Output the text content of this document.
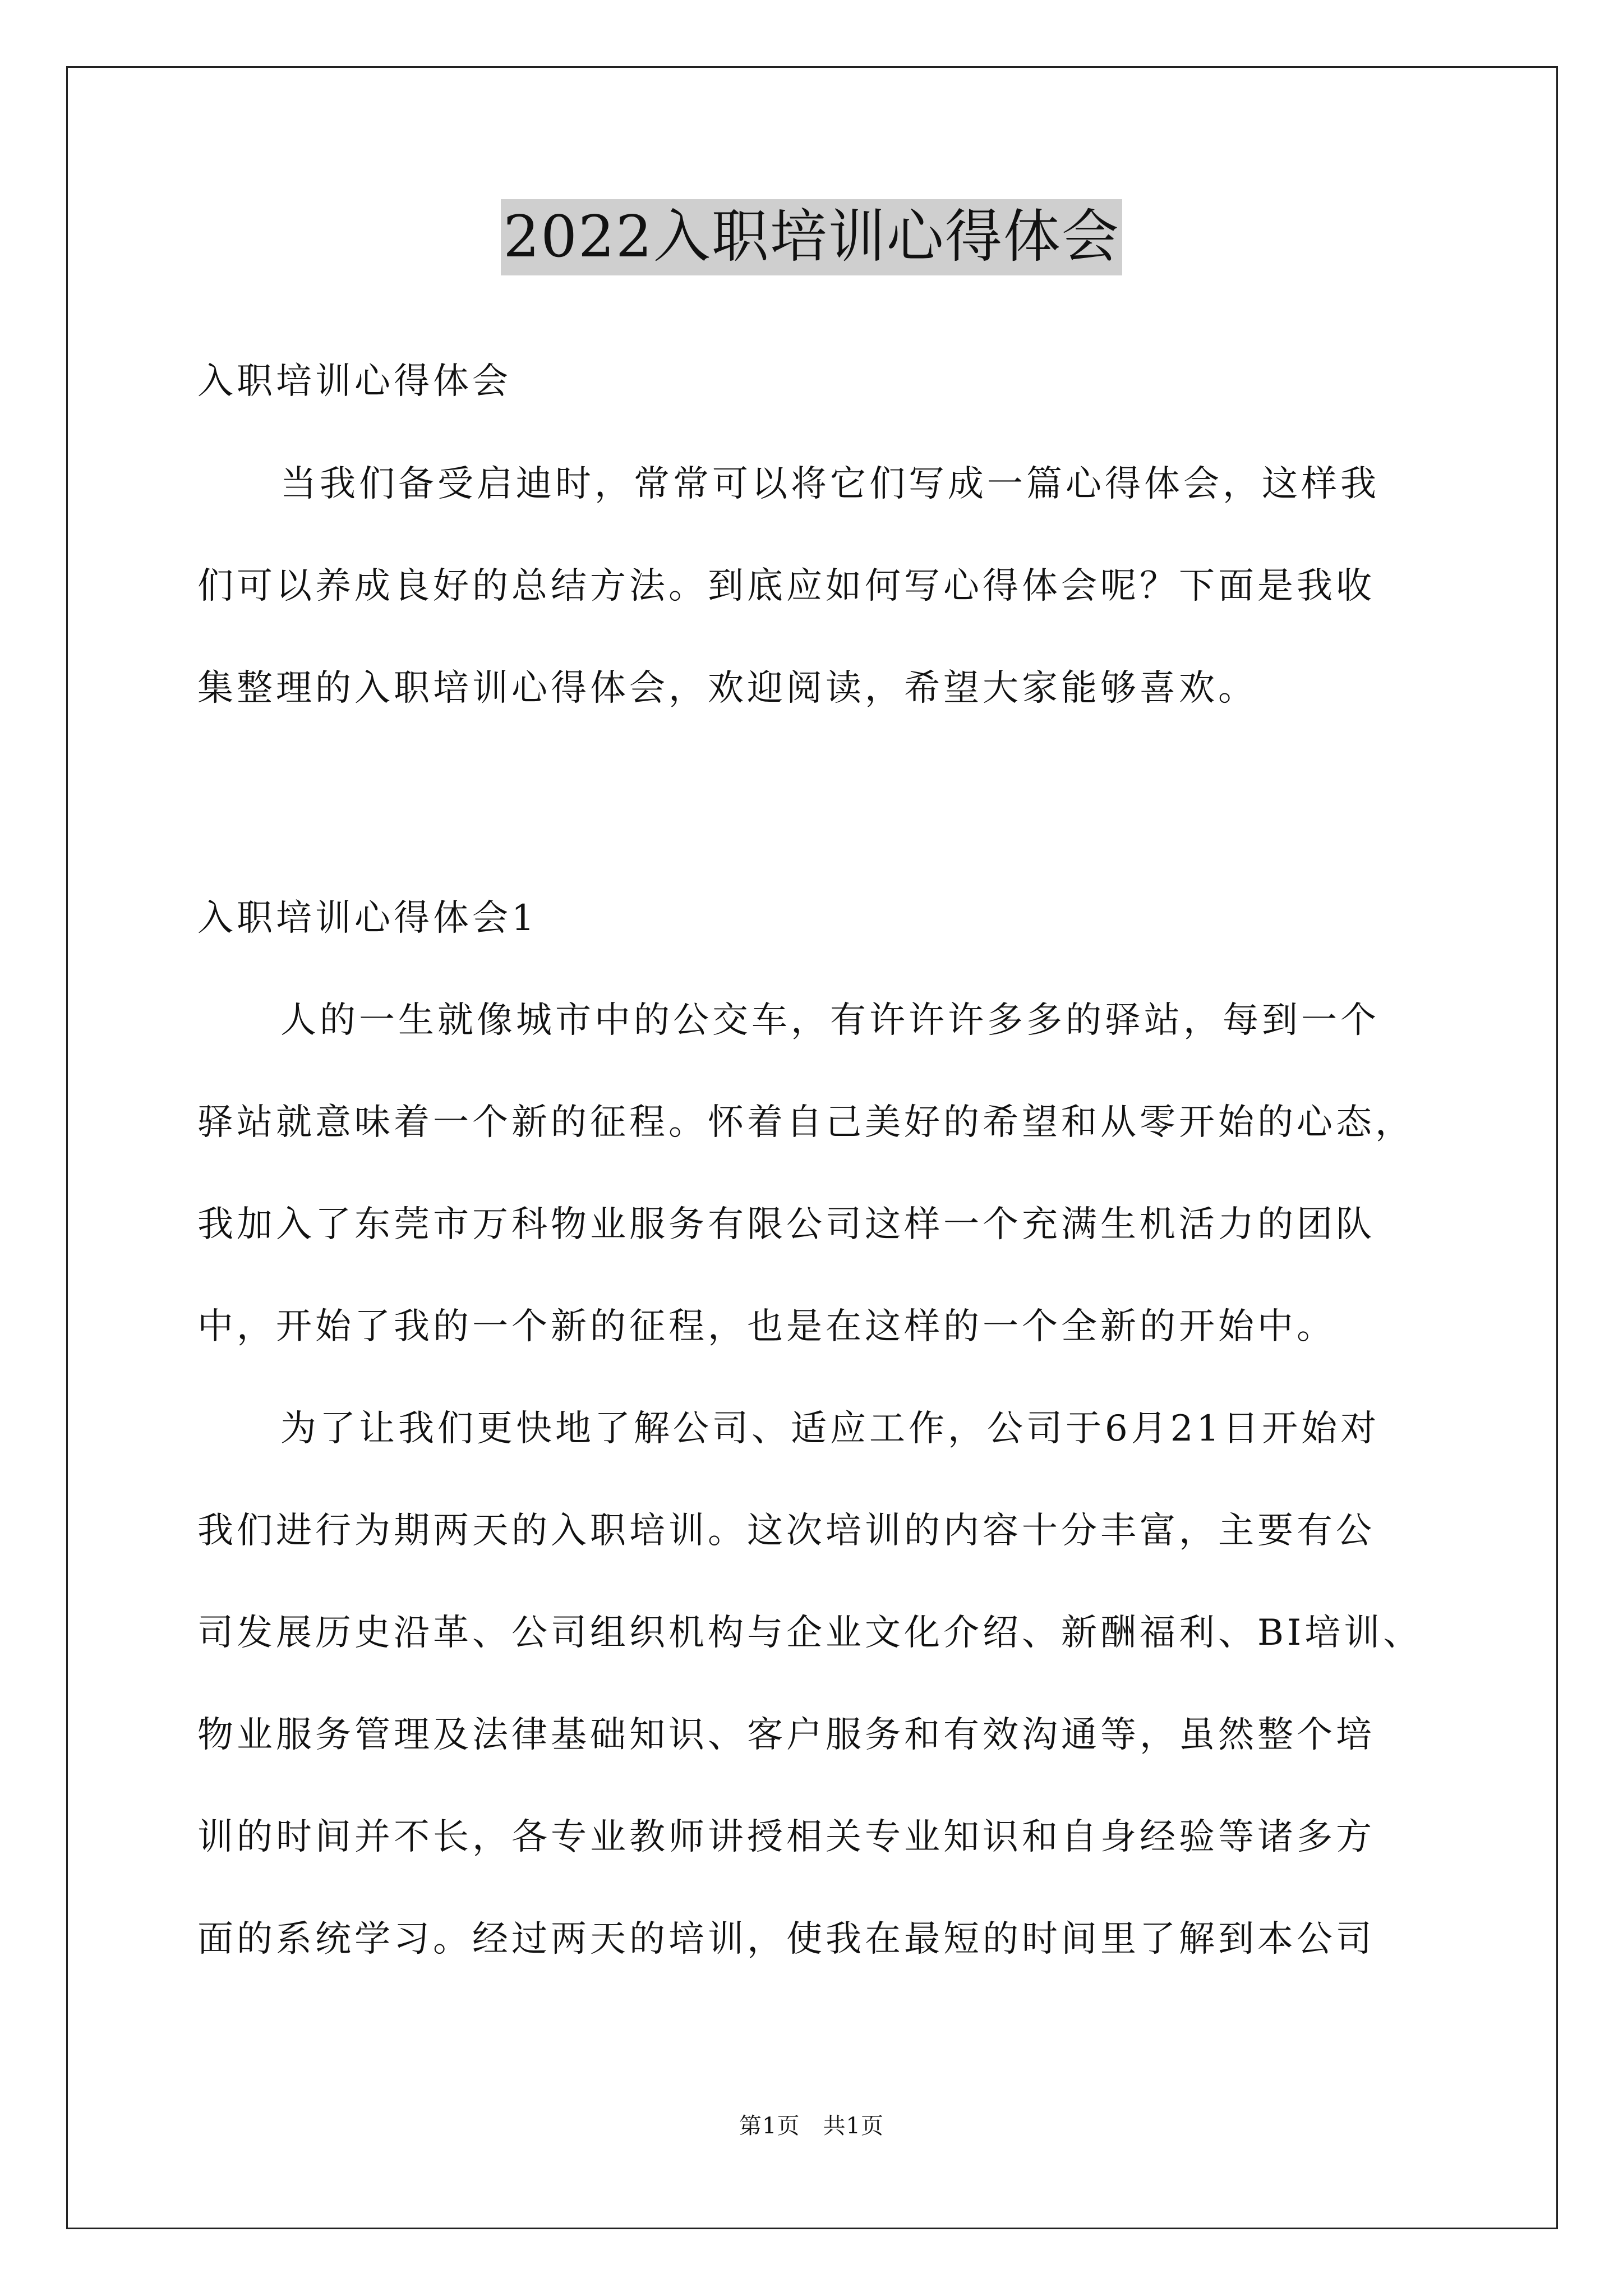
2022入职培训心得体会
入职培训心得体会
当我们备受启迪时，常常可以将它们写成一篇心得体会，这样我
们可以养成良好的总结方法。到底应如何写心得体会呢？下面是我收
集整理的入职培训心得体会，欢迎阅读，希望大家能够喜欢。
入职培训心得体会1
人的一生就像城市中的公交车，有许许许多多的驿站，每到一个
驿站就意味着一个新的征程。怀着自己美好的希望和从零开始的心态，
我加入了东莞市万科物业服务有限公司这样一个充满生机活力的团队
中，开始了我的一个新的征程，也是在这样的一个全新的开始中。
为了让我们更快地了解公司、适应工作，公司于6月21日开始对
我们进行为期两天的入职培训。这次培训的内容十分丰富，主要有公
司发展历史沿革、公司组织机构与企业文化介绍、新酬福利、BI培训、
物业服务管理及法律基础知识、客户服务和有效沟通等，虽然整个培
训的时间并不长，各专业教师讲授相关专业知识和自身经验等诸多方
面的系统学习。经过两天的培训，使我在最短的时间里了解到本公司
第1页　共1页
